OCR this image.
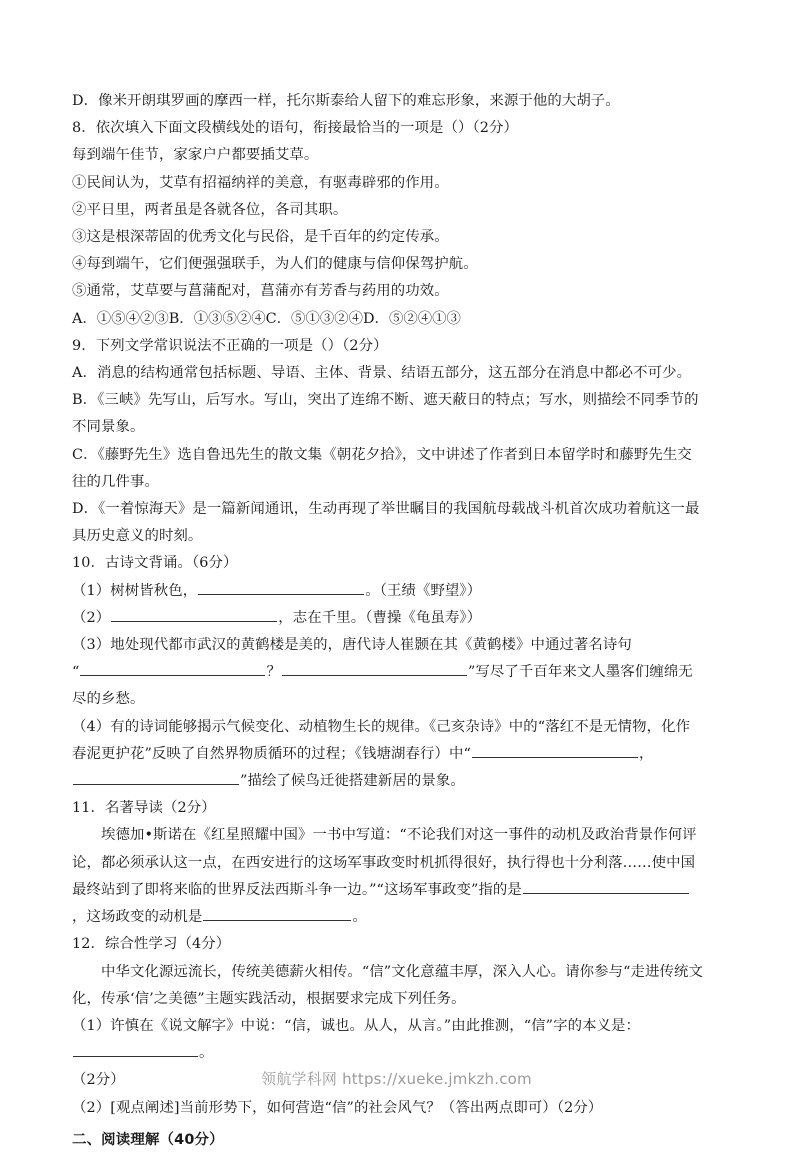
D．像米开朗琪罗画的摩西一样，托尔斯泰给人留下的难忘形象，来源于他的大胡子。
8．依次填入下面文段横线处的语句，衔接最恰当的一项是（）（2分）
每到端午佳节，家家户户都要插艾草。
①民间认为，艾草有招福纳祥的美意，有驱毒辟邪的作用。
②平日里，两者虽是各就各位，各司其职。
③这是根深蒂固的优秀文化与民俗，是千百年的约定传承。
④每到端午，它们便强强联手，为人们的健康与信仰保驾护航。
⑤通常，艾草要与菖蒲配对，菖蒲亦有芳香与药用的功效。
A．①⑤④②③B．①③⑤②④C．⑤①③②④D．⑤②④①③
9．下列文学常识说法不正确的一项是（）（2分）
A．消息的结构通常包括标题、导语、主体、背景、结语五部分，这五部分在消息中都必不可少。
B．《三峡》先写山，后写水。写山，突出了连绵不断、遮天蔽日的特点；写水，则描绘不同季节的不同景象。
C．《藤野先生》选自鲁迅先生的散文集《朝花夕拾》，文中讲述了作者到日本留学时和藤野先生交往的几件事。
D．《一着惊海天》是一篇新闻通讯，生动再现了举世瞩目的我国航母载战斗机首次成功着航这一最具历史意义的时刻。
10．古诗文背诵。（6分）
（1）树树皆秋色，	。（王绩《野望》）
（2）	，志在千里。（曹操《龟虽寿》）
（3）地处现代都市武汉的黄鹤楼是美的，唐代诗人崔颢在其《黄鹤楼》中通过著名诗句
“	？	”写尽了千百年来文人墨客们缠绵无尽的乡愁。
（4）有的诗词能够揭示气候变化、动植物生长的规律。《己亥杂诗》中的“落红不是无情物，化作春泥更护花”反映了自然界物质循环的过程；《钱塘湖春行）中“	，”描绘了候鸟迁徙搭建新居的景象。
11．名著导读（2分）
埃德加•斯诺在《红星照耀中国》一书中写道：“不论我们对这一事件的动机及政治背景作何评论，都必须承认这一点，在西安进行的这场军事政变时机抓得很好，执行得也十分利落……使中国最终站到了即将来临的世界反法西斯斗争一边。”“这场军事政变”指的是，这场政变的动机是	。
12．综合性学习（4分）
中华文化源远流长，传统美德薪火相传。“信”文化意蕴丰厚，深入人心。请你参与“走进传统文化，传承‘信’之美德”主题实践活动，根据要求完成下列任务。
（1）许慎在《说文解字》中说：“信，诚也。从人，从言。”由此推测，“信”字的本义是：。
（2分）
（2）[观点阐述]当前形势下，如何营造“信”的社会风气？（答出两点即可）（2分）
二、阅读理解（40分）
领航学科网 https://xueke.jmkzh.com
